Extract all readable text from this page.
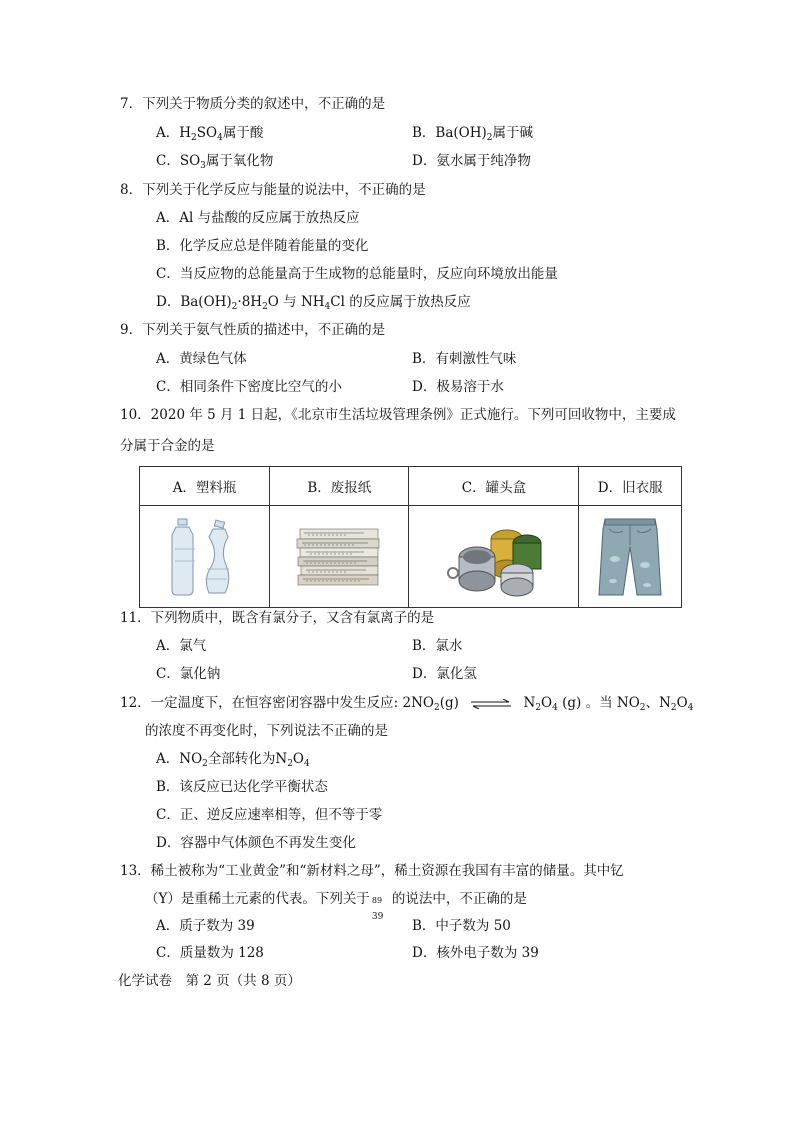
7．下列关于物质分类的叙述中，不正确的是
A．$H_2SO_4$属于酸	B．$Ba(OH)_2$属于碱
C．$SO_3$属于氧化物	D．氨水属于纯净物
8．下列关于化学反应与能量的说法中，不正确的是
A．Al 与盐酸的反应属于放热反应
B．化学反应总是伴随着能量的变化
C．当反应物的总能量高于生成物的总能量时，反应向环境放出能量
D．$Ba(OH)_2\cdot 8H_2O$ 与 $NH_4Cl$ 的反应属于放热反应
9．下列关于氨气性质的描述中，不正确的是
A．黄绿色气体	B．有刺激性气味
C．相同条件下密度比空气的小	D．极易溶于水
10．2020 年 5 月 1 日起，《北京市生活垃圾管理条例》正式施行。下列可回收物中，主要成
分属于合金的是
A．塑料瓶	B．废报纸	C．罐头盒	D．旧衣服

11．下列物质中，既含有氯分子，又含有氯离子的是
A．氯气	B．氯水
C．氯化钠	D．氯化氢
12．一定温度下，在恒容密闭容器中发生反应: $2NO_2(g)$ ⇌ $N_2O_4$ (g) 。当 $NO_2$、$N_2O_4$
的浓度不再变化时，下列说法不正确的是
A．$NO_2$全部转化为$N_2O_4$
B．该反应已达化学平衡状态
C．正、逆反应速率相等，但不等于零
D．容器中气体颜色不再发生变化
13．稀土被称为“工业黄金”和“新材料之母”，稀土资源在我国有丰富的储量。其中钇
（Y）是重稀土元素的代表。下列关于 89
39
的说法中，不正确的是
A．质子数为 39	B．中子数为 50
C．质量数为 128	D．核外电子数为 39
化学试卷　第 2 页（共 8 页）
